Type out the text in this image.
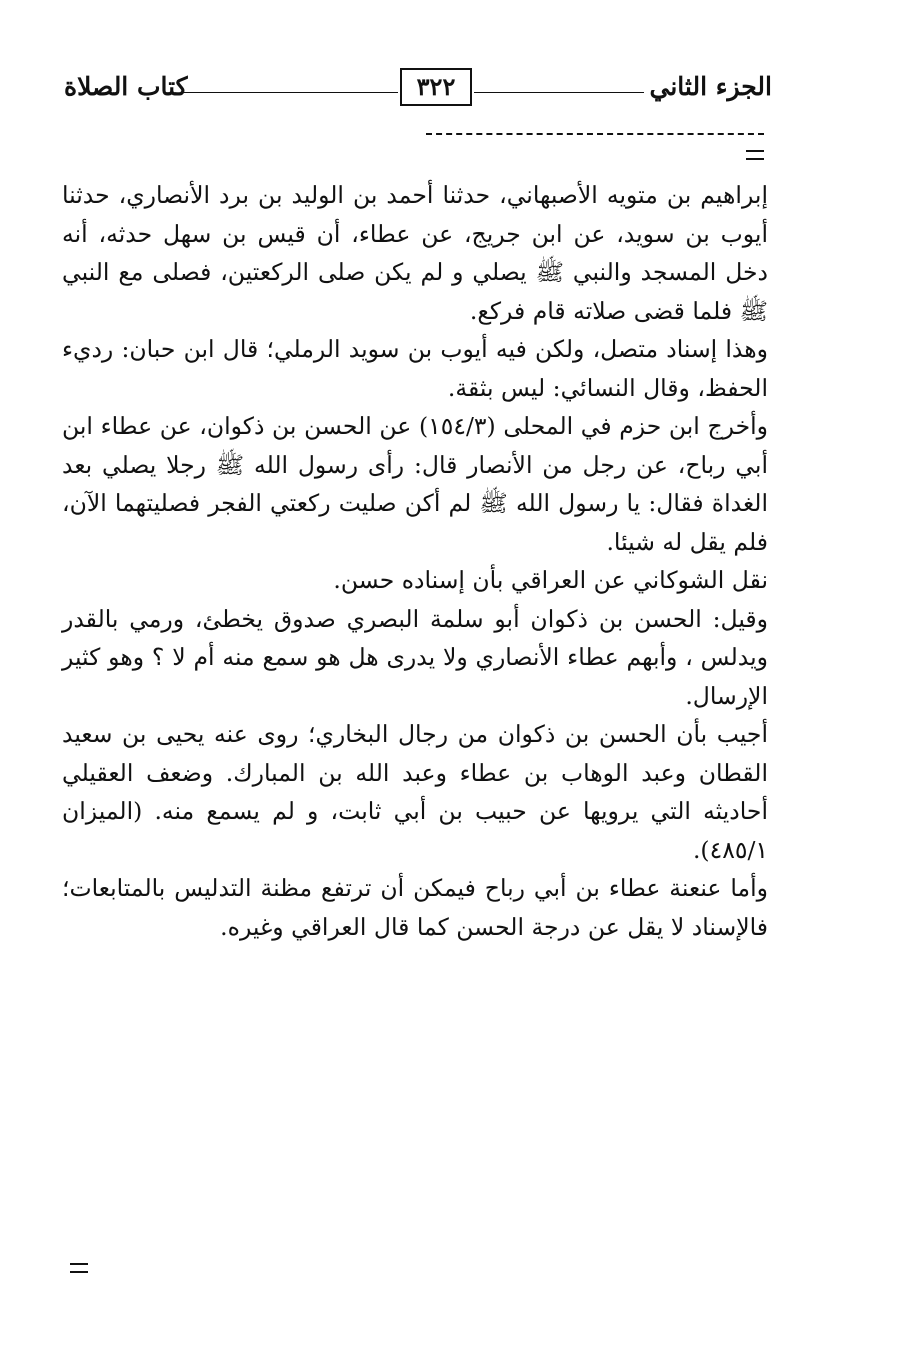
الجزء الثاني
٣٢٢
كتاب الصلاة

إبراهيم بن متويه الأصبهاني، حدثنا أحمد بن الوليد بن برد الأنصاري، حدثنا أيوب بن سويد، عن ابن جريج، عن عطاء، أن قيس بن سهل حدثه، أنه دخل المسجد والنبي ﷺ يصلي و لم يكن صلى الركعتين، فصلى مع النبي ﷺ فلما قضى صلاته قام فركع.

وهذا إسناد متصل، ولكن فيه أيوب بن سويد الرملي؛ قال ابن حبان: رديء الحفظ، وقال النسائي: ليس بثقة.

وأخرج ابن حزم في المحلى (١٥٤/٣) عن الحسن بن ذكوان، عن عطاء ابن أبي رباح، عن رجل من الأنصار قال: رأى رسول الله ﷺ رجلا يصلي بعد الغداة فقال: يا رسول الله ﷺ لم أكن صليت ركعتي الفجر فصليتهما الآن، فلم يقل له شيئا.

نقل الشوكاني عن العراقي بأن إسناده حسن.

وقيل: الحسن بن ذكوان أبو سلمة البصري صدوق يخطئ، ورمي بالقدر ويدلس ، وأبهم عطاء الأنصاري ولا يدرى هل هو سمع منه أم لا ؟ وهو كثير الإرسال.

أجيب بأن الحسن بن ذكوان من رجال البخاري؛ روى عنه يحيى بن سعيد القطان وعبد الوهاب بن عطاء وعبد الله بن المبارك. وضعف العقيلي أحاديثه التي يرويها عن حبيب بن أبي ثابت، و لم يسمع منه. (الميزان ٤٨٥/١).

وأما عنعنة عطاء بن أبي رباح فيمكن أن ترتفع مظنة التدليس بالمتابعات؛ فالإسناد لا يقل عن درجة الحسن كما قال العراقي وغيره.
